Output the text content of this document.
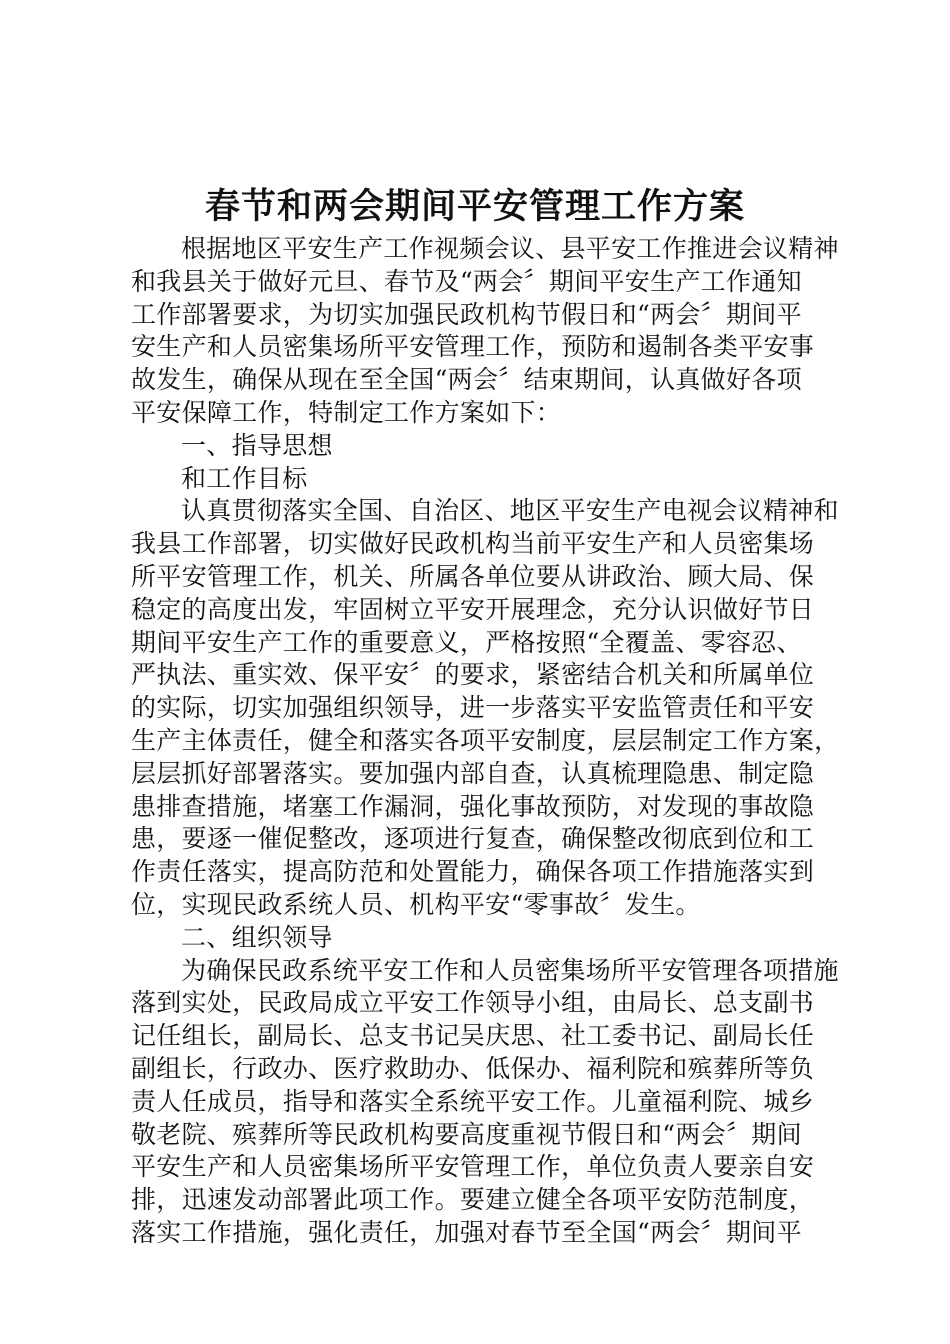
春节和两会期间平安管理工作方案
根据地区平安生产工作视频会议、县平安工作推进会议精神
和我县关于做好元旦、春节及“两会〞期间平安生产工作通知
工作部署要求，为切实加强民政机构节假日和“两会〞期间平
安生产和人员密集场所平安管理工作，预防和遏制各类平安事
故发生，确保从现在至全国“两会〞结束期间，认真做好各项
平安保障工作，特制定工作方案如下：
一、指导思想
和工作目标
认真贯彻落实全国、自治区、地区平安生产电视会议精神和
我县工作部署，切实做好民政机构当前平安生产和人员密集场
所平安管理工作，机关、所属各单位要从讲政治、顾大局、保
稳定的高度出发，牢固树立平安开展理念，充分认识做好节日
期间平安生产工作的重要意义，严格按照“全覆盖、零容忍、
严执法、重实效、保平安〞的要求，紧密结合机关和所属单位
的实际，切实加强组织领导，进一步落实平安监管责任和平安
生产主体责任，健全和落实各项平安制度，层层制定工作方案，
层层抓好部署落实。要加强内部自查，认真梳理隐患、制定隐
患排查措施，堵塞工作漏洞，强化事故预防，对发现的事故隐
患，要逐一催促整改，逐项进行复查，确保整改彻底到位和工
作责任落实，提高防范和处置能力，确保各项工作措施落实到
位，实现民政系统人员、机构平安“零事故〞发生。
二、组织领导
为确保民政系统平安工作和人员密集场所平安管理各项措施
落到实处，民政局成立平安工作领导小组，由局长、总支副书
记任组长，副局长、总支书记吴庆思、社工委书记、副局长任
副组长，行政办、医疗救助办、低保办、福利院和殡葬所等负
责人任成员，指导和落实全系统平安工作。儿童福利院、城乡
敬老院、殡葬所等民政机构要高度重视节假日和“两会〞期间
平安生产和人员密集场所平安管理工作，单位负责人要亲自安
排，迅速发动部署此项工作。要建立健全各项平安防范制度，
落实工作措施，强化责任，加强对春节至全国“两会〞期间平
